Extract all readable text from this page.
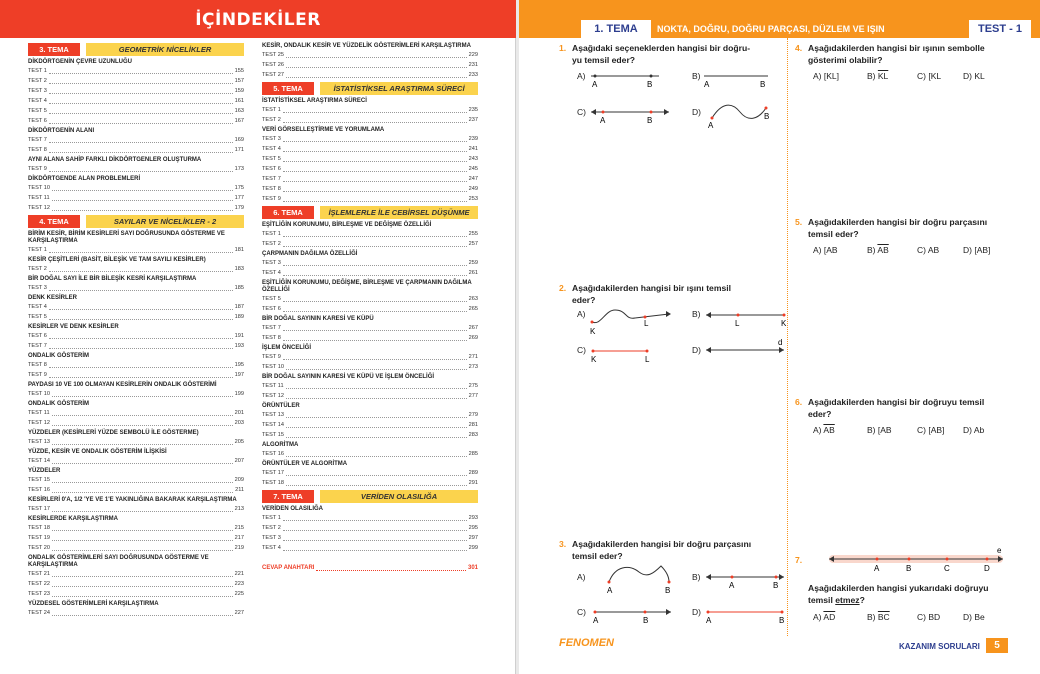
İÇİNDEKİLER
3. TEMA	GEOMETRİK NİCELİKLER
DİKDÖRTGENİN ÇEVRE UZUNLUĞU
TEST 1	155
TEST 2	157
TEST 3	159
TEST 4	161
TEST 5	163
TEST 6	167
DİKDÖRTGENİN ALANI
TEST 7	169
TEST 8	171
AYNI ALANA SAHİP FARKLI DİKDÖRTGENLER OLUŞTURMA
TEST 9	173
DİKDÖRTGENDE ALAN PROBLEMLERİ
TEST 10	175
TEST 11	177
TEST 12	179
4. TEMA	SAYILAR VE NİCELİKLER - 2
BİRİM KESİR, BİRİM KESİRLERİ SAYI DOĞRUSUNDA GÖSTERME VE KARŞILAŞTIRMA
TEST 1	181
KESİR ÇEŞİTLERİ (BASİT, BİLEŞİK VE TAM SAYILI KESİRLER)
TEST 2	183
BİR DOĞAL SAYI İLE BİR BİLEŞİK KESRİ KARŞILAŞTIRMA
TEST 3	185
DENK KESİRLER
TEST 4	187
TEST 5	189
KESİRLER VE DENK KESİRLER
TEST 6	191
TEST 7	193
ONDALIK GÖSTERİM
TEST 8	195
TEST 9	197
PAYDASI 10 VE 100 OLMAYAN KESİRLERİN ONDALIK GÖSTERİMİ
TEST 10	199
ONDALIK GÖSTERİM
TEST 11	201
TEST 12	203
YÜZDELER (KESİRLERİ YÜZDE SEMBOLÜ İLE GÖSTERME)
TEST 13	205
YÜZDE, KESİR VE ONDALIK GÖSTERİM İLİŞKİSİ
TEST 14	207
YÜZDELER
TEST 15	209
TEST 16	211
KESİRLERİ 0'A, 1/2 'YE VE 1'E YAKINLIĞINA BAKARAK KARŞILAŞTIRMA
TEST 17	213
KESİRLERDE KARŞILAŞTIRMA
TEST 18	215
TEST 19	217
TEST 20	219
ONDALIK GÖSTERİMLERİ SAYI DOĞRUSUNDA GÖSTERME VE KARŞILAŞTIRMA
TEST 21	221
TEST 22	223
TEST 23	225
YÜZDESEL GÖSTERİMLERİ KARŞILAŞTIRMA
TEST 24	227
KESİR, ONDALIK KESİR VE YÜZDELİK GÖSTERİMLERİ KARŞILAŞTIRMA
TEST 25	229
TEST 26	231
TEST 27	233
5. TEMA	İSTATİSTİKSEL ARAŞTIRMA SÜRECİ
İSTATİSTİKSEL ARAŞTIRMA SÜRECİ
TEST 1	235
TEST 2	237
VERİ GÖRSELLEŞTİRME VE YORUMLAMA
TEST 3	239
TEST 4	241
TEST 5	243
TEST 6	245
TEST 7	247
TEST 8	249
TEST 9	253
6. TEMA	İŞLEMLERLE İLE CEBİRSEL DÜŞÜNME
EŞİTLİĞİN KORUNUMU, BİRLEŞME VE DEĞİŞME ÖZELLİĞİ
TEST 1	255
TEST 2	257
ÇARPMANIN DAĞILMA ÖZELLİĞİ
TEST 3	259
TEST 4	261
EŞİTLİĞİN KORUNUMU, DEĞİŞME, BİRLEŞME VE ÇARPMANIN DAĞILMA ÖZELLİĞİ
TEST 5	263
TEST 6	265
BİR DOĞAL SAYININ KARESİ VE KÜPÜ
TEST 7	267
TEST 8	269
İŞLEM ÖNCELİĞİ
TEST 9	271
TEST 10	273
BİR DOĞAL SAYININ KARESİ VE KÜPÜ VE İŞLEM ÖNCELİĞİ
TEST 11	275
TEST 12	277
ÖRÜNTÜLER
TEST 13	279
TEST 14	281
TEST 15	283
ALGORİTMA
TEST 16	285
ÖRÜNTÜLER VE ALGORİTMA
TEST 17	289
TEST 18	291
7. TEMA	VERİDEN OLASILIĞA
VERİDEN OLASILIĞA
TEST 1	293
TEST 2	295
TEST 3	297
TEST 4	299
CEVAP ANAHTARI	301
1. TEMA	NOKTA, DOĞRU, DOĞRU PARÇASI, DÜZLEM VE IŞIN	TEST - 1
1. Aşağıdaki seçeneklerden hangisi bir doğru-
yu temsil eder?
A)
A	B
B)
A	B
C)
A	B
D)
A
B
2. Aşağıdakilerden hangisi bir ışını temsil
eder?
A)
K
L
B)
L	K
C)
K	L
D)
d
3. Aşağıdakilerden hangisi bir doğru parçasını
temsil eder?
A)
A	B
B)
A	B
C)
A	B
D)
A	B
4. Aşağıdakilerden hangisi bir ışının sembolle
gösterimi olabilir?
A) [KL]	B) $\overline{KL}$	C) [KL	D) KL
5. Aşağıdakilerden hangisi bir doğru parçasını
temsil eder?
A) [AB	B) $\overline{AB}$	C) AB	D) [AB]
6. Aşağıdakilerden hangisi bir doğruyu temsil
eder?
A) $\overline{AB}$	B) [AB	C) [AB] D) Ab
7.
A	B	C	D
e
Aşağıdakilerden hangisi yukarıdaki doğruyu
temsil etmez?
A) $\overline{AD}$	B) $\overline{BC}$	C) BD	D) Be
FENOMEN	KAZANIM SORULARI	5
